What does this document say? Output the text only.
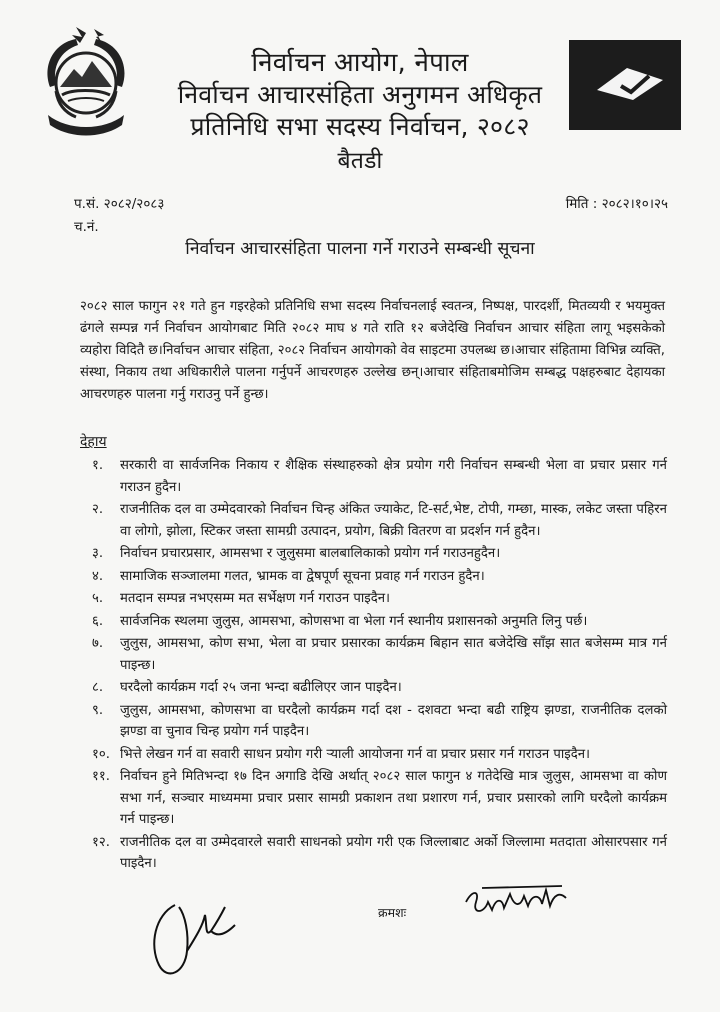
निर्वाचन आयोग, नेपाल
निर्वाचन आचारसंहिता अनुगमन अधिकृत
प्रतिनिधि सभा सदस्य निर्वाचन, २०८२
बैतडी
प.सं. २०८२/२०८३
च.नं.
मिति : २०८२।१०।२५
निर्वाचन आचारसंहिता पालना गर्ने गराउने सम्बन्धी सूचना
२०८२ साल फागुन २१ गते हुन गइरहेको प्रतिनिधि सभा सदस्य निर्वाचनलाई स्वतन्त्र, निष्पक्ष, पारदर्शी, मितव्ययी र भयमुक्त ढंगले सम्पन्न गर्न निर्वाचन आयोगबाट मिति २०८२ माघ ४ गते राति १२ बजेदेखि निर्वाचन आचार संहिता लागू भइसकेको व्यहोरा विदितै छ।निर्वाचन आचार संहिता, २०८२ निर्वाचन आयोगको वेव साइटमा उपलब्ध छ।आचार संहितामा विभिन्न व्यक्ति, संस्था, निकाय तथा अधिकारीले पालना गर्नुपर्ने आचरणहरु उल्लेख छन्।आचार संहिताबमोजिम सम्बद्ध पक्षहरुबाट देहायका आचरणहरु पालना गर्नु गराउनु पर्ने हुन्छ।
देहाय
१. सरकारी वा सार्वजनिक निकाय र शैक्षिक संस्थाहरुको क्षेत्र प्रयोग गरी निर्वाचन सम्बन्धी भेला वा प्रचार प्रसार गर्न गराउन हुदैन।
२. राजनीतिक दल वा उम्मेदवारको निर्वाचन चिन्ह अंकित ज्याकेट, टि-सर्ट,भेष्ट, टोपी, गम्छा, मास्क, लकेट जस्ता पहिरन वा लोगो, झोला, स्टिकर जस्ता सामग्री उत्पादन, प्रयोग, बिक्री वितरण वा प्रदर्शन गर्न हुदैन।
३. निर्वाचन प्रचारप्रसार, आमसभा र जुलुसमा बालबालिकाको प्रयोग गर्न गराउनहुदैन।
४. सामाजिक सञ्जालमा गलत, भ्रामक वा द्वेषपूर्ण सूचना प्रवाह गर्न गराउन हुदैन।
५. मतदान सम्पन्न नभएसम्म मत सर्भेक्षण गर्न गराउन पाइदैन।
६. सार्वजनिक स्थलमा जुलुस, आमसभा, कोणसभा वा भेला गर्न स्थानीय प्रशासनको अनुमति लिनु पर्छ।
७. जुलुस, आमसभा, कोण सभा, भेला वा प्रचार प्रसारका कार्यक्रम बिहान सात बजेदेखि साँझ सात बजेसम्म मात्र गर्न पाइन्छ।
८. घरदैलो कार्यक्रम गर्दा २५ जना भन्दा बढीलिएर जान पाइदैन।
९. जुलुस, आमसभा, कोणसभा वा घरदैलो कार्यक्रम गर्दा दश - दशवटा भन्दा बढी राष्ट्रिय झण्डा, राजनीतिक दलको झण्डा वा चुनाव चिन्ह प्रयोग गर्न पाइदैन।
१०. भित्ते लेखन गर्न वा सवारी साधन प्रयोग गरी र्‍याली आयोजना गर्न वा प्रचार प्रसार गर्न गराउन पाइदैन।
११. निर्वाचन हुने मितिभन्दा १७ दिन अगाडि देखि अर्थात् २०८२ साल फागुन ४ गतेदेखि मात्र जुलुस, आमसभा वा कोण सभा गर्न, सञ्चार माध्यममा प्रचार प्रसार सामग्री प्रकाशन तथा प्रशारण गर्न, प्रचार प्रसारको लागि घरदैलो कार्यक्रम गर्न पाइन्छ।
१२. राजनीतिक दल वा उम्मेदवारले सवारी साधनको प्रयोग गरी एक जिल्लाबाट अर्को जिल्लामा मतदाता ओसारपसार गर्न पाइदैन।
क्रमशः
